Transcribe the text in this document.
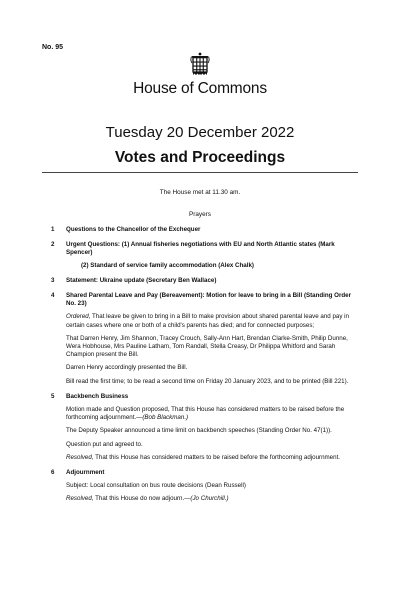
No. 95
House of Commons
Tuesday 20 December 2022
Votes and Proceedings
The House met at 11.30 am.
Prayers
1 Questions to the Chancellor of the Exchequer
2 Urgent Questions: (1) Annual fisheries negotiations with EU and North Atlantic states (Mark Spencer)
(2) Standard of service family accommodation (Alex Chalk)
3 Statement: Ukraine update (Secretary Ben Wallace)
4 Shared Parental Leave and Pay (Bereavement): Motion for leave to bring in a Bill (Standing Order No. 23)
Ordered, That leave be given to bring in a Bill to make provision about shared parental leave and pay in certain cases where one or both of a child's parents has died; and for connected purposes;
That Darren Henry, Jim Shannon, Tracey Crouch, Sally-Ann Hart, Brendan Clarke-Smith, Philip Dunne, Wera Hobhouse, Mrs Pauline Latham, Tom Randall, Stella Creasy, Dr Philippa Whitford and Sarah Champion present the Bill.
Darren Henry accordingly presented the Bill.
Bill read the first time; to be read a second time on Friday 20 January 2023, and to be printed (Bill 221).
5 Backbench Business
Motion made and Question proposed, That this House has considered matters to be raised before the forthcoming adjournment.—(Bob Blackman.)
The Deputy Speaker announced a time limit on backbench speeches (Standing Order No. 47(1)).
Question put and agreed to.
Resolved, That this House has considered matters to be raised before the forthcoming adjournment.
6 Adjournment
Subject: Local consultation on bus route decisions (Dean Russell)
Resolved, That this House do now adjourn.—(Jo Churchill.)
